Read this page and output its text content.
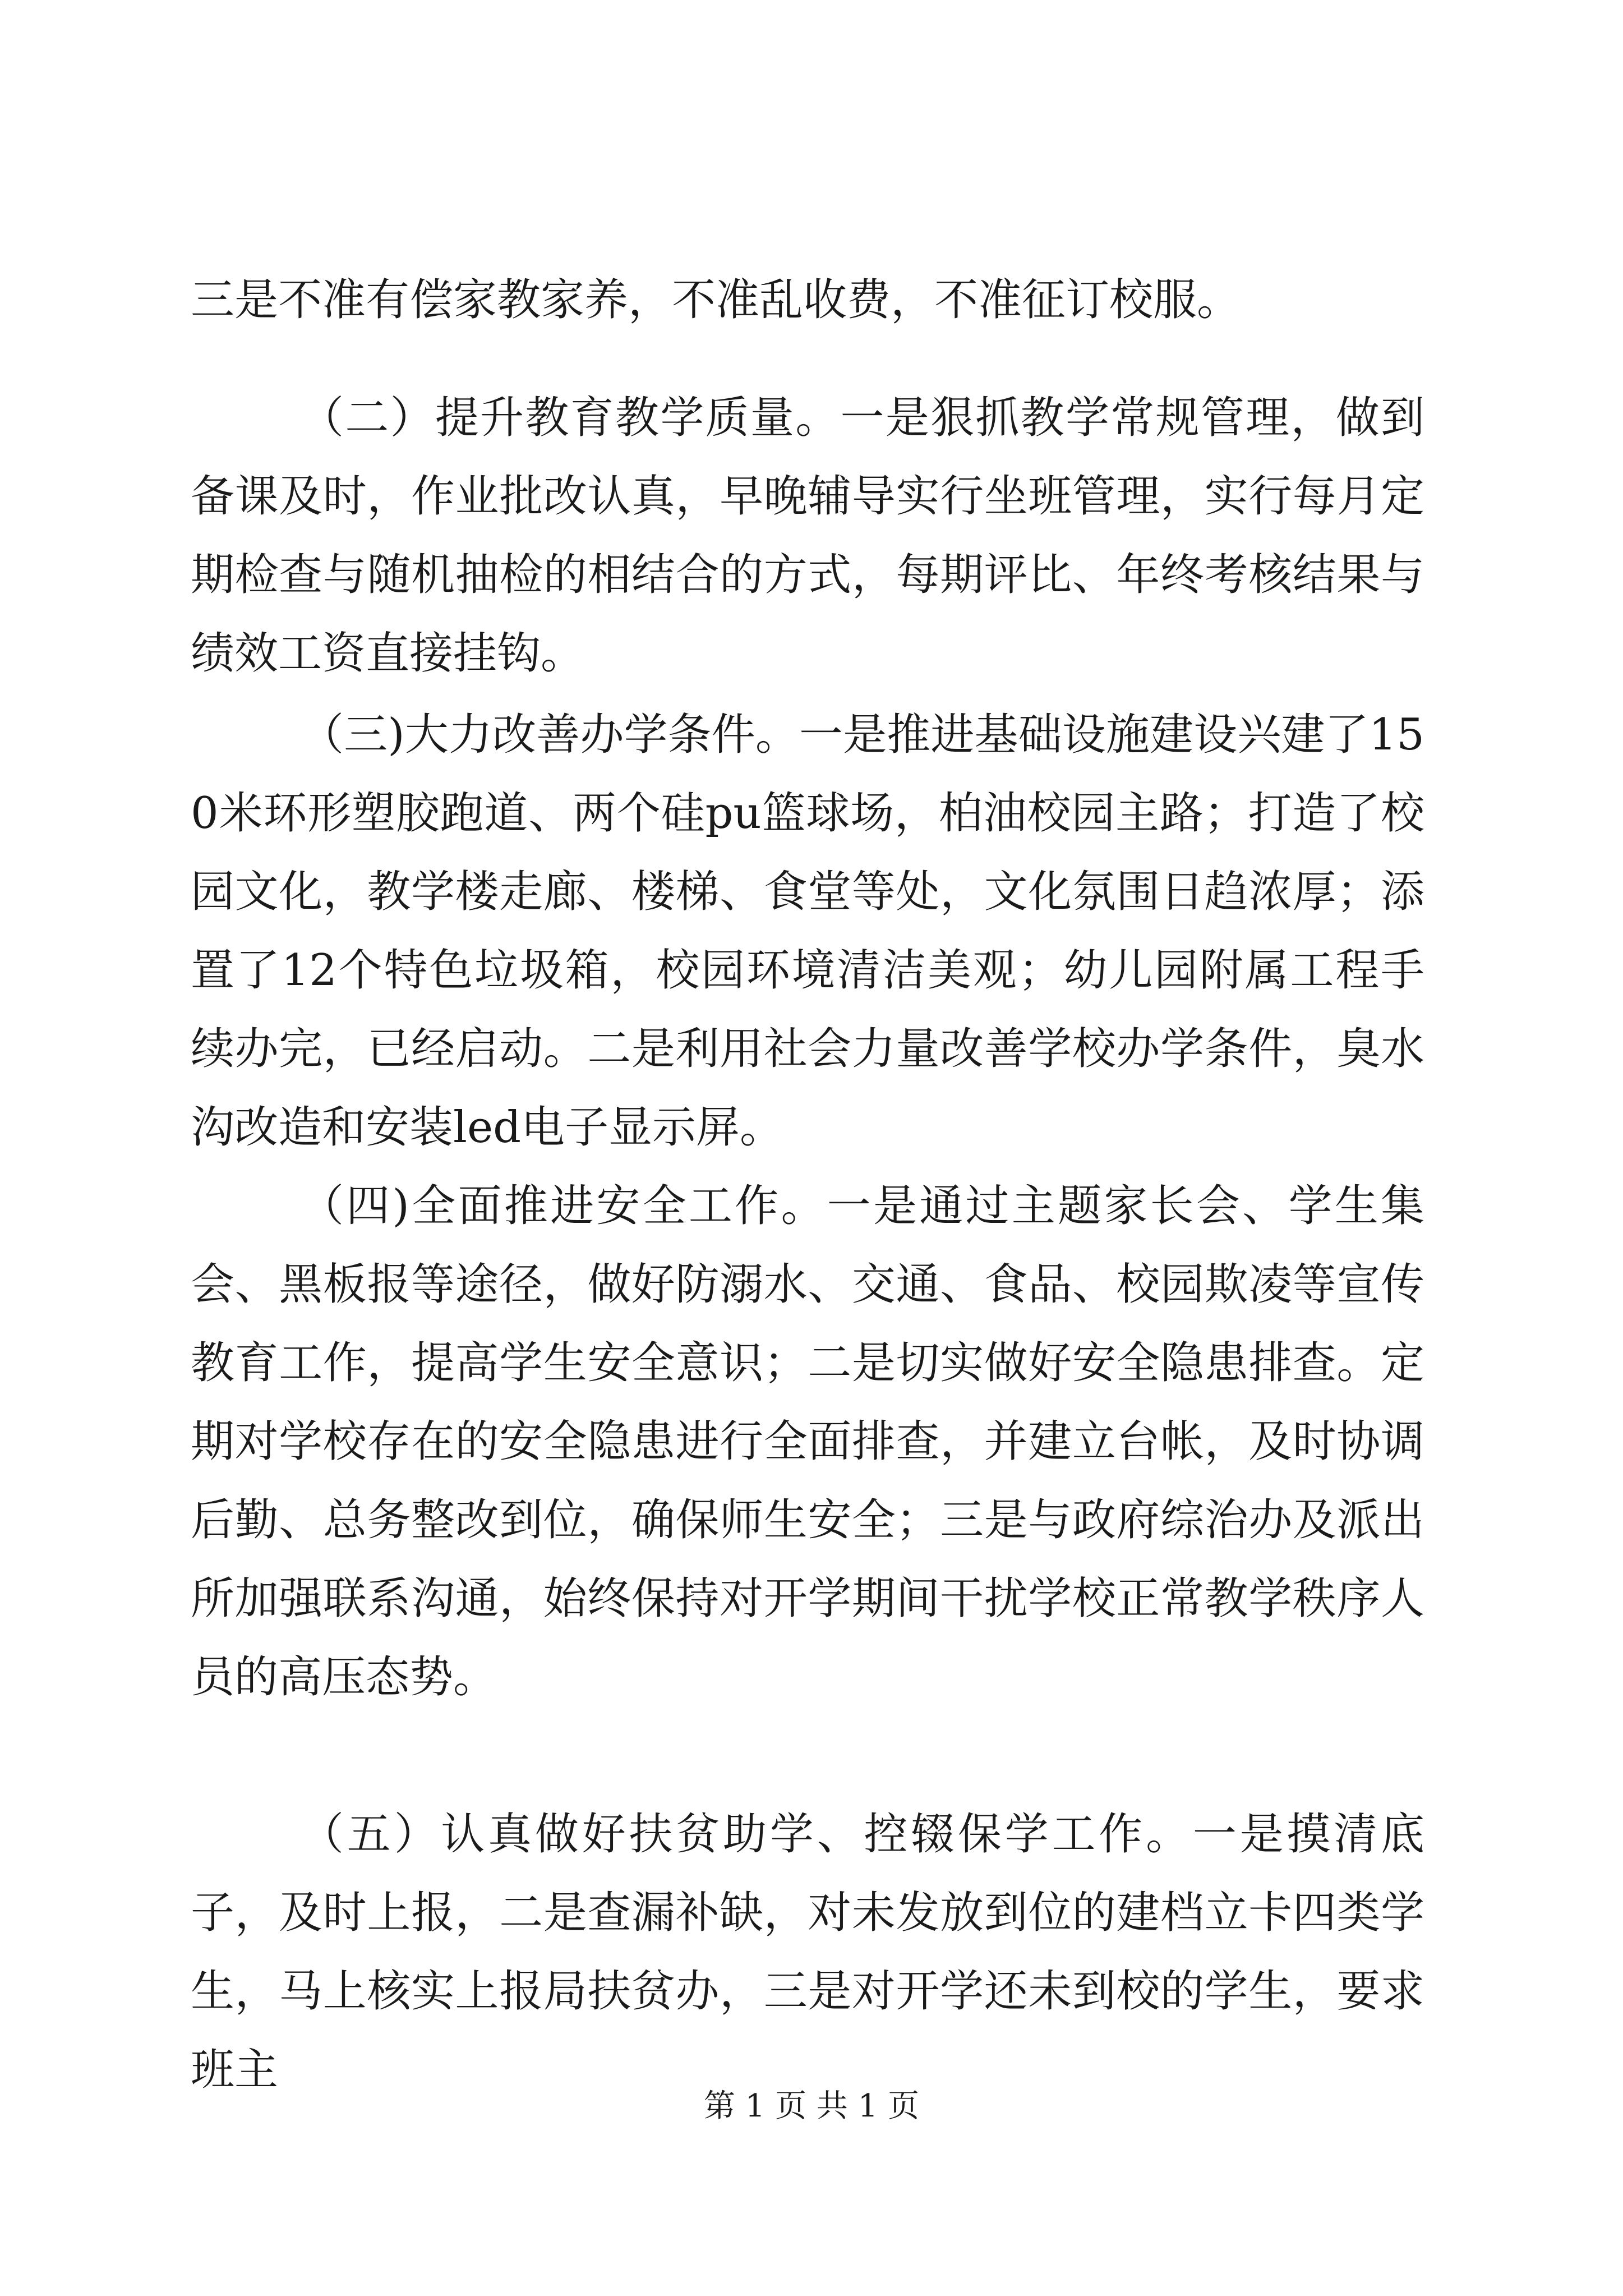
三是不准有偿家教家养，不准乱收费，不准征订校服。

（二）提升教育教学质量。一是狠抓教学常规管理，做到备课及时，作业批改认真，早晚辅导实行坐班管理，实行每月定期检查与随机抽检的相结合的方式，每期评比、年终考核结果与绩效工资直接挂钩。

（三)大力改善办学条件。一是推进基础设施建设兴建了150米环形塑胶跑道、两个硅pu篮球场，柏油校园主路；打造了校园文化，教学楼走廊、楼梯、食堂等处，文化氛围日趋浓厚；添置了12个特色垃圾箱，校园环境清洁美观；幼儿园附属工程手续办完，已经启动。二是利用社会力量改善学校办学条件，臭水沟改造和安装led电子显示屏。

（四)全面推进安全工作。一是通过主题家长会、学生集会、黑板报等途径，做好防溺水、交通、食品、校园欺凌等宣传教育工作，提高学生安全意识；二是切实做好安全隐患排查。定期对学校存在的安全隐患进行全面排查，并建立台帐，及时协调后勤、总务整改到位，确保师生安全；三是与政府综治办及派出所加强联系沟通，始终保持对开学期间干扰学校正常教学秩序人员的高压态势。

（五）认真做好扶贫助学、控辍保学工作。一是摸清底子，及时上报，二是查漏补缺，对未发放到位的建档立卡四类学生，马上核实上报局扶贫办，三是对开学还未到校的学生，要求班主

第 1 页 共 1 页
